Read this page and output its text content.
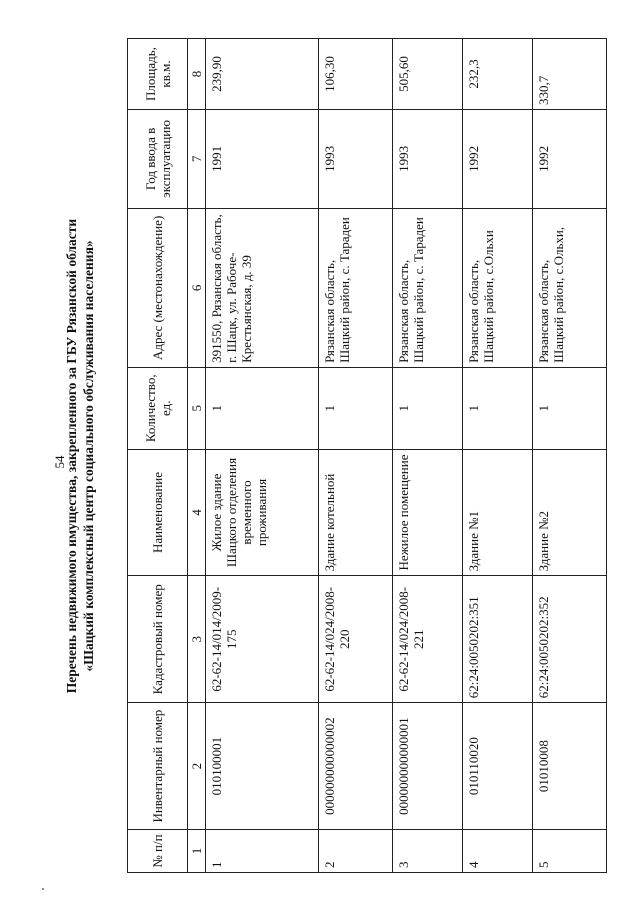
54
Перечень недвижимого имущества, закрепленного за ГБУ Рязанской области «Шацкий комплексный центр социального обслуживания населения»
№ п/п	Инвентарный номер	Кадастровый номер	Наименование	Количество, ед.	Адрес (местонахождение)	Год ввода в эксплуатацию	Площадь, кв.м.
1	2	3	4	5	6	7	8
1	010100001	62-62-14/014/2009-175	Жилое здание Шацкого отделения временного проживания	1	391550, Рязанская область, г. Шацк, ул. Рабоче-Крестьянская, д. 39	1991	239,90
2	000000000000002	62-62-14/024/2008-220	Здание котельной	1	Рязанская область, Шацкий район, с. Тарадеи	1993	106,30
3	000000000000001	62-62-14/024/2008-221	Нежилое помещение	1	Рязанская область, Шацкий район, с. Тарадеи	1993	505,60
4	010110020	62:24:0050202:351	Здание №1	1	Рязанская область, Шацкий район, с.Ольхи	1992	232,3
5	01010008	62:24:0050202:352	Здание №2	1	Рязанская область, Шацкий район, с.Ольхи,	1992	330,7
